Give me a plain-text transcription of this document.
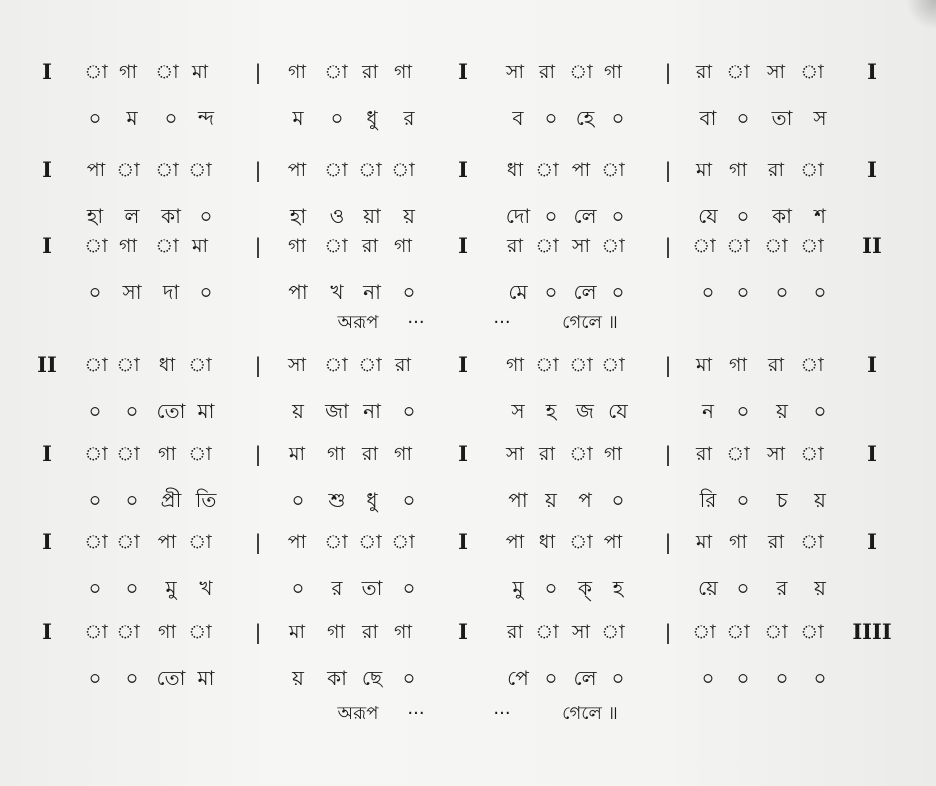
I া গা া মা | গা া রা গা I সা রা া গা | রা া সা া I
০ ম ০ ন্দ	ম ০ ধু র	ব ০ হে ০	বা ০ তা স
I পা া া া | পা া া া I ধা া পা া | মা গা রা া I
হা ল কা ০	হা ও য়া য়	দো ০ লে ০	যে ০ কা শ
I া গা া মা | গা া রা গা I রা া সা া | া া া া II
০ সা দা ০	পা খ না ০	মে ০ লে ০	০ ০ ০ ০
II া া ধা া | সা া া রা I গা া া া | মা গা রা া I
০ ০ তো মা	য় জা না ০	স হ জ যে	ন ০ য় ০
I া া গা া | মা গা রা গা I সা রা া গা | রা া সা া I
০ ০ প্রী তি	০ শু ধু ০	পা য় প ০	রি ০ চ য়
I া া পা া | পা া া া I পা ধা া পা | মা গা রা া I
০ ০ মু খ	০ র তা ০	মু ০ ক্ হ	য়ে ০ র য়
I া া গা া | মা গা রা গা I রা া সা া | া া া া IIII
০ ০ তো মা	য় কা ছে ০	পে ০ লে ০	০ ০ ০ ০
অরূপ ···	···	গেলে ॥
অরূপ ···	···	গেলে ॥
